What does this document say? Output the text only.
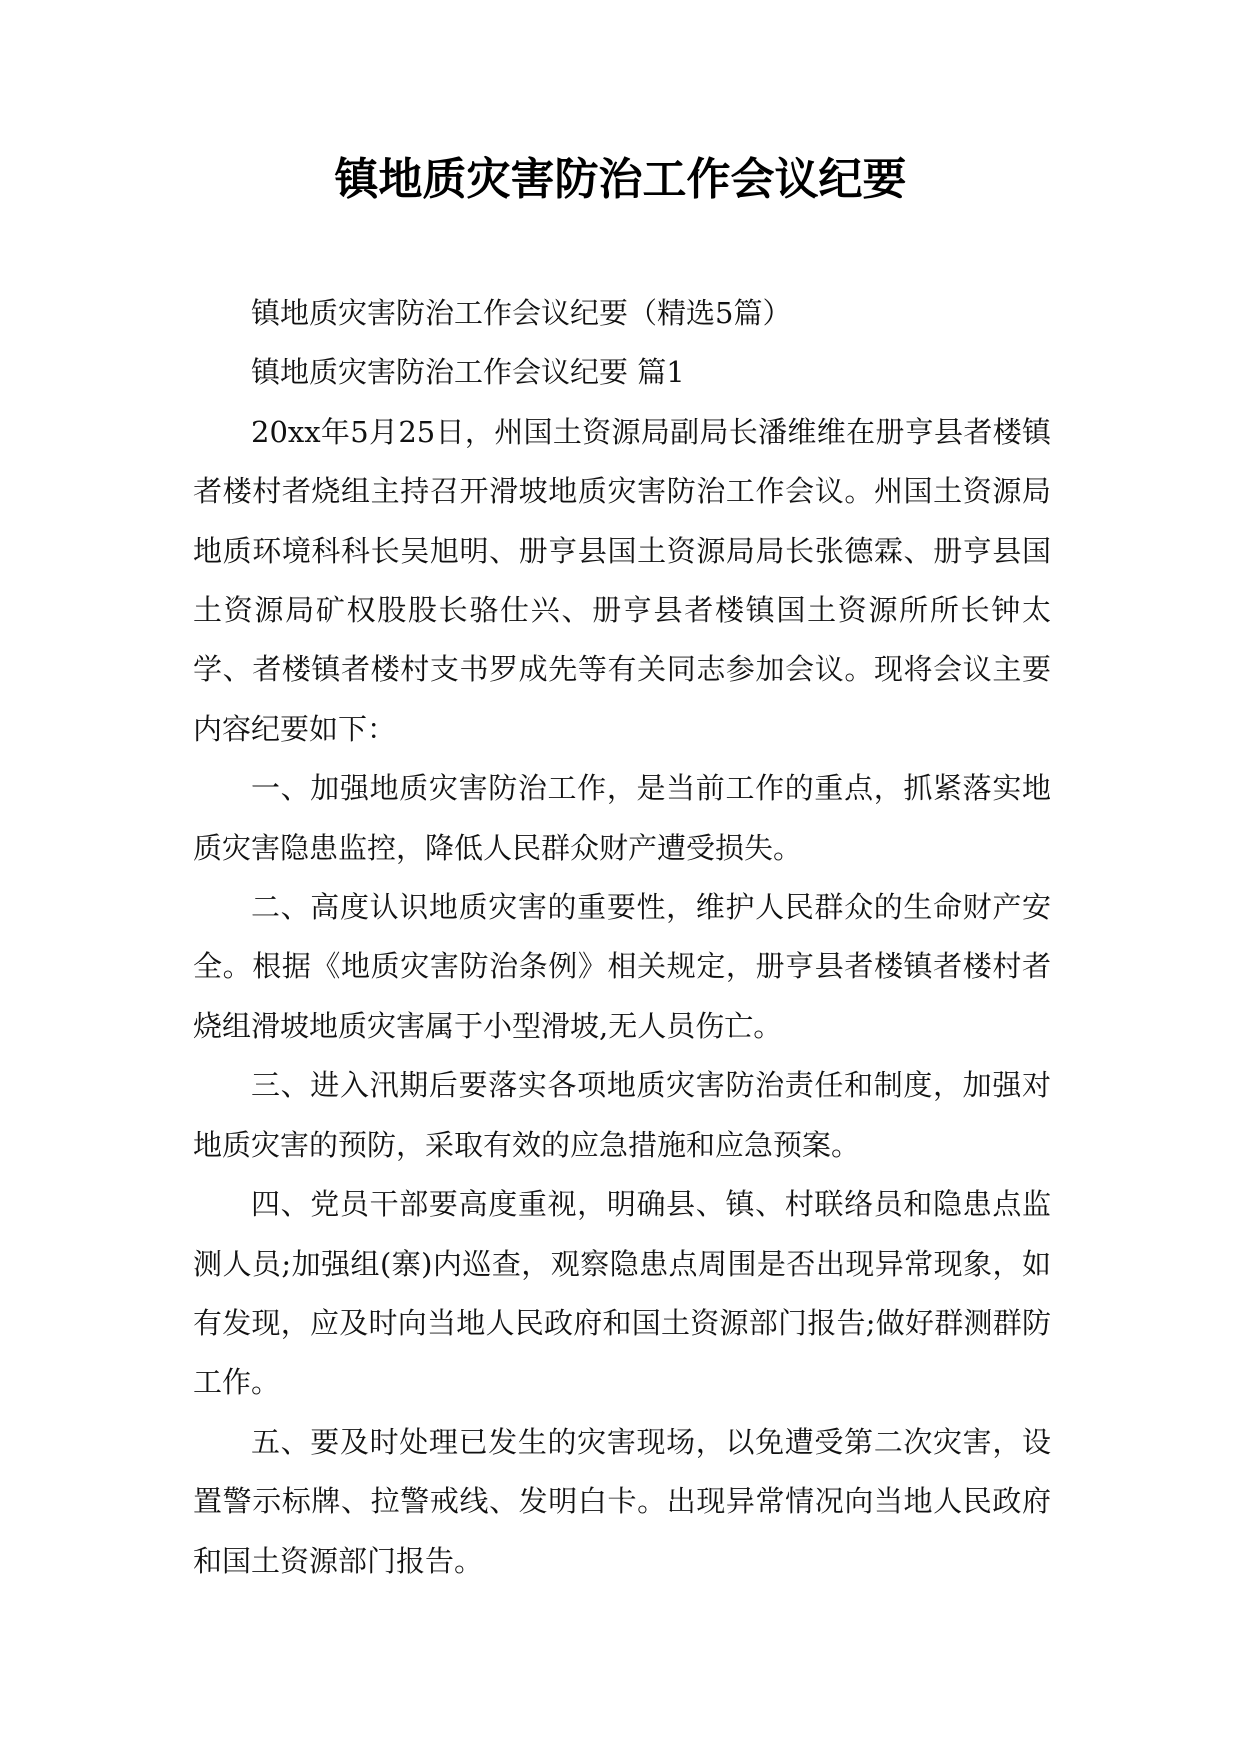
镇地质灾害防治工作会议纪要

镇地质灾害防治工作会议纪要（精选5篇）

镇地质灾害防治工作会议纪要 篇1

20xx年5月25日，州国土资源局副局长潘维维在册亨县者楼镇者楼村者烧组主持召开滑坡地质灾害防治工作会议。州国土资源局地质环境科科长吴旭明、册亨县国土资源局局长张德霖、册亨县国土资源局矿权股股长骆仕兴、册亨县者楼镇国土资源所所长钟太学、者楼镇者楼村支书罗成先等有关同志参加会议。现将会议主要内容纪要如下：

一、加强地质灾害防治工作，是当前工作的重点，抓紧落实地质灾害隐患监控，降低人民群众财产遭受损失。

二、高度认识地质灾害的重要性，维护人民群众的生命财产安全。根据《地质灾害防治条例》相关规定，册亨县者楼镇者楼村者烧组滑坡地质灾害属于小型滑坡,无人员伤亡。

三、进入汛期后要落实各项地质灾害防治责任和制度，加强对地质灾害的预防，采取有效的应急措施和应急预案。

四、党员干部要高度重视，明确县、镇、村联络员和隐患点监测人员;加强组(寨)内巡查，观察隐患点周围是否出现异常现象，如有发现，应及时向当地人民政府和国土资源部门报告;做好群测群防工作。

五、要及时处理已发生的灾害现场，以免遭受第二次灾害，设置警示标牌、拉警戒线、发明白卡。出现异常情况向当地人民政府和国土资源部门报告。
